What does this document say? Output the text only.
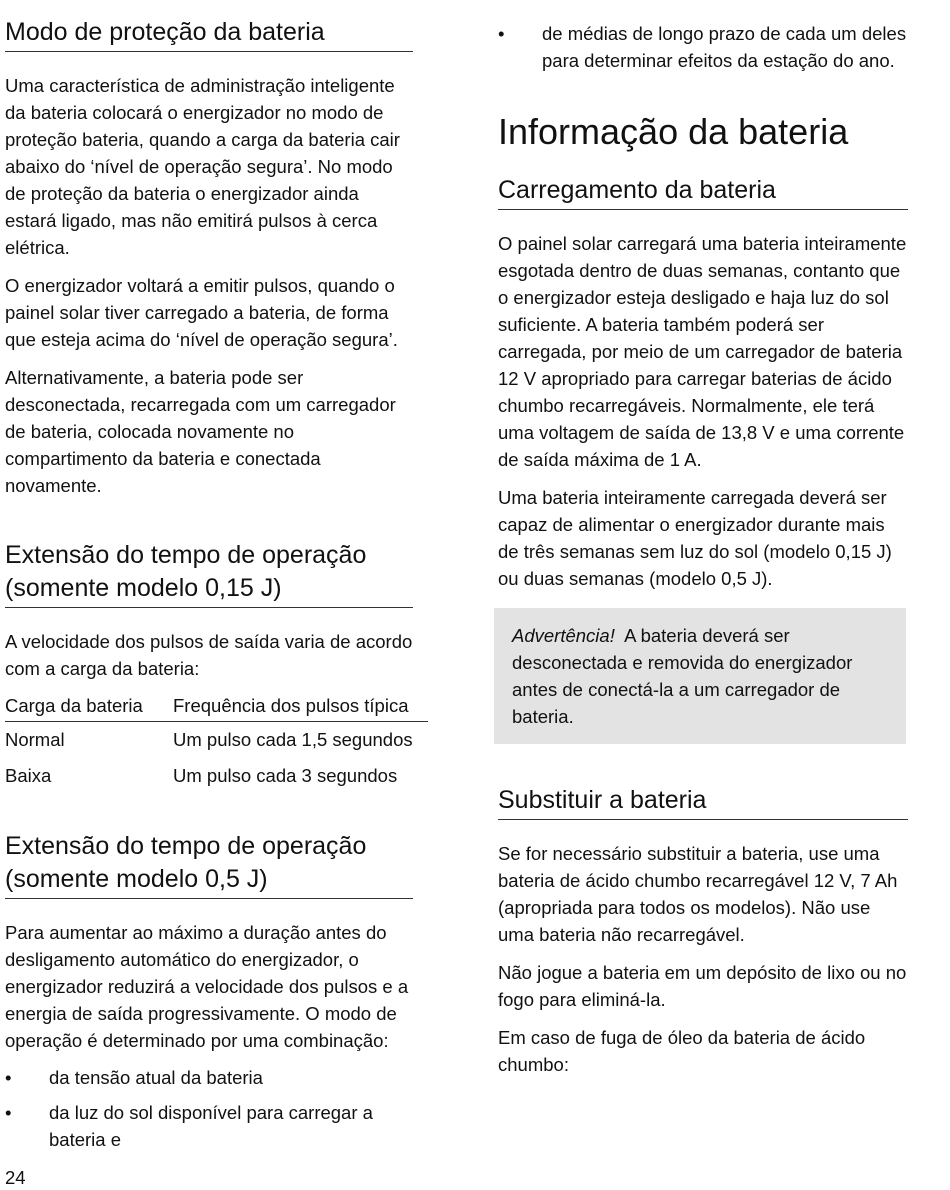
Modo de proteção da bateria

Uma característica de administração inteligente da bateria colocará o energizador no modo de proteção bateria, quando a carga da bateria cair abaixo do ‘nível de operação segura’. No modo de proteção da bateria o energizador ainda estará ligado, mas não emitirá pulsos à cerca elétrica.

O energizador voltará a emitir pulsos, quando o painel solar tiver carregado a bateria, de forma que esteja acima do ‘nível de operação segura’.

Alternativamente, a bateria pode ser desconectada, recarregada com um carregador de bateria, colocada novamente no compartimento da bateria e conectada novamente.

Extensão do tempo de operação
(somente modelo 0,15 J)

A velocidade dos pulsos de saída varia de acordo com a carga da bateria:

Carga da bateria	Frequência dos pulsos típica
Normal	Um pulso cada 1,5 segundos
Baixa	Um pulso cada 3 segundos
Extensão do tempo de operação
(somente modelo 0,5 J)

Para aumentar ao máximo a duração antes do desligamento automático do energizador, o energizador reduzirá a velocidade dos pulsos e a energia de saída progressivamente. O modo de operação é determinado por uma combinação:

• da tensão atual da bateria
• da luz do sol disponível para carregar a bateria e
• de médias de longo prazo de cada um deles para determinar efeitos da estação do ano.
Informação da bateria
Carregamento da bateria

O painel solar carregará uma bateria inteiramente esgotada dentro de duas semanas, contanto que o energizador esteja desligado e haja luz do sol suficiente. A bateria também poderá ser carregada, por meio de um carregador de bateria 12 V apropriado para carregar baterias de ácido chumbo recarregáveis. Normalmente, ele terá uma voltagem de saída de 13,8 V e uma corrente de saída máxima de 1 A.

Uma bateria inteiramente carregada deverá ser capaz de alimentar o energizador durante mais de três semanas sem luz do sol (modelo 0,15 J) ou duas semanas (modelo 0,5 J).

Advertência! A bateria deverá ser desconectada e removida do energizador antes de conectá-la a um carregador de bateria.

Substituir a bateria

Se for necessário substituir a bateria, use uma bateria de ácido chumbo recarregável 12 V, 7 Ah (apropriada para todos os modelos). Não use uma bateria não recarregável.

Não jogue a bateria em um depósito de lixo ou no fogo para eliminá-la.

Em caso de fuga de óleo da bateria de ácido chumbo:

24
